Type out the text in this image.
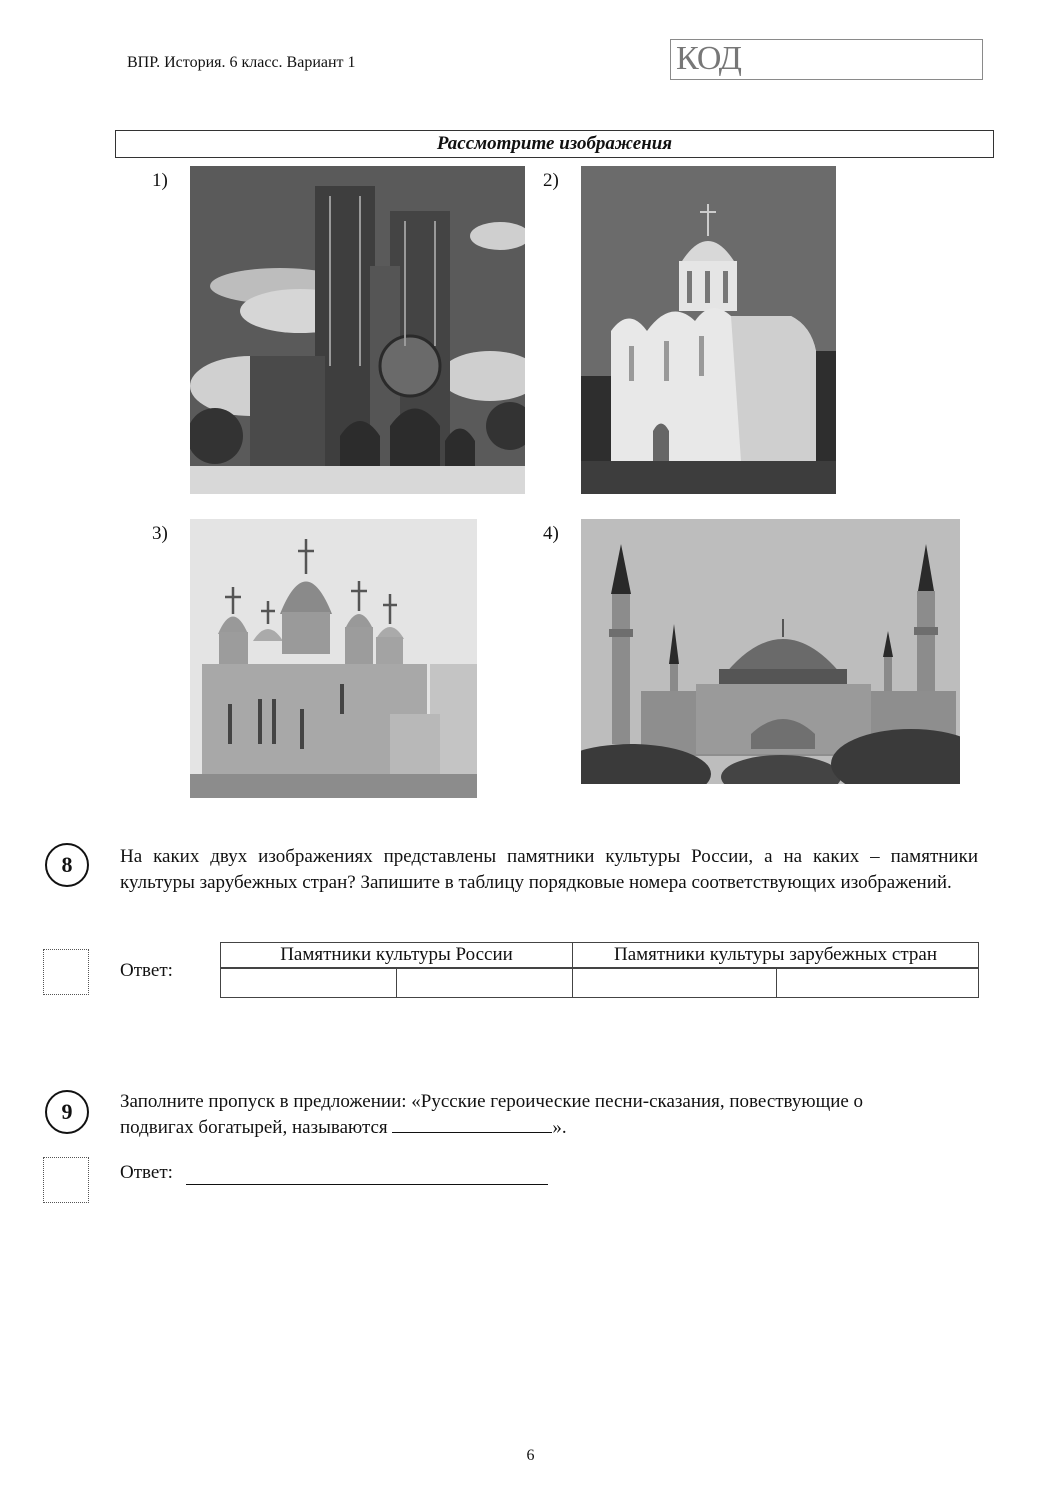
ВПР. История. 6 класс. Вариант 1	КОД
Рассмотрите изображения
1)	2)
3)	4)
8	На каких двух изображениях представлены памятники культуры России, а на каких – памятники культуры зарубежных стран? Запишите в таблицу порядковые номера соответствующих изображений.
Ответ:
Памятники культуры России		Памятники культуры зарубежных стран	

9	Заполните пропуск в предложении: «Русские героические песни-сказания, повествующие о
подвигах богатырей, называются	».
Ответ:
6
